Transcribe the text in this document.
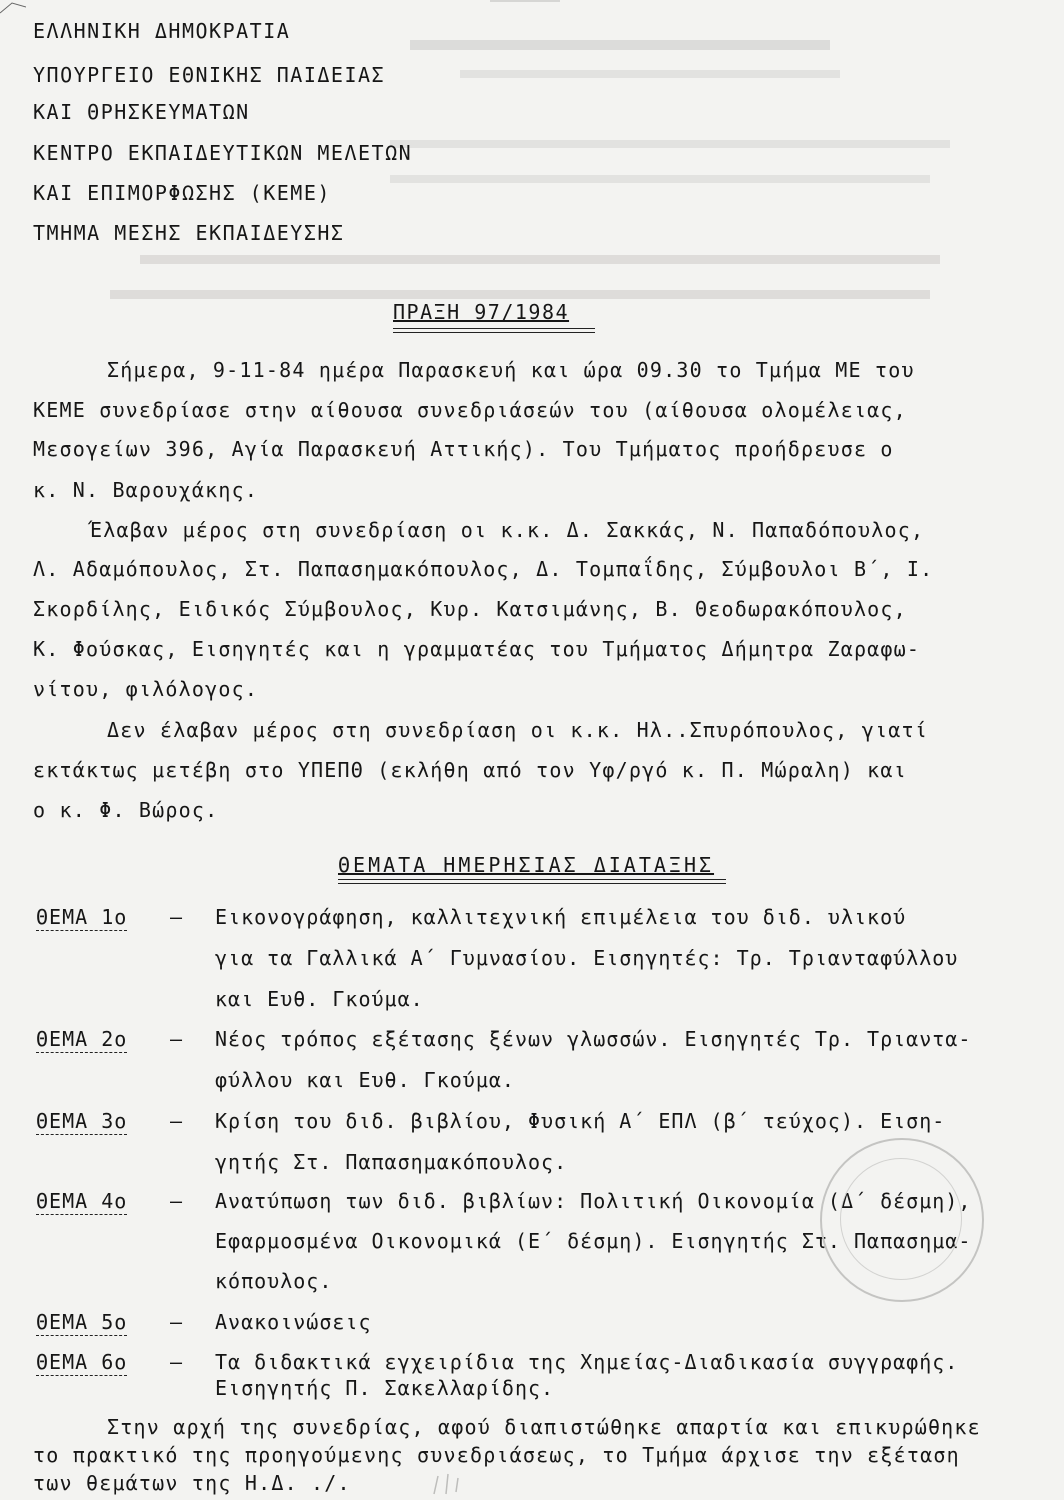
ΕΛΛΗΝΙΚΗ ΔΗΜΟΚΡΑΤΙΑ
ΥΠΟΥΡΓΕΙΟ ΕΘΝΙΚΗΣ ΠΑΙΔΕΙΑΣ
ΚΑΙ ΘΡΗΣΚΕΥΜΑΤΩΝ
ΚΕΝΤΡΟ ΕΚΠΑΙΔΕΥΤΙΚΩΝ ΜΕΛΕΤΩΝ
ΚΑΙ ΕΠΙΜΟΡΦΩΣΗΣ (ΚΕΜΕ)
ΤΜΗΜΑ ΜΕΣΗΣ ΕΚΠΑΙΔΕΥΣΗΣ
ΠΡΑΞΗ 97/1984
Σήμερα, 9-11-84 ημέρα Παρασκευή και ώρα 09.30 το Τμήμα ΜΕ του
ΚΕΜΕ συνεδρίασε στην αίθουσα συνεδριάσεών του (αίθουσα ολομέλειας,
Μεσογείων 396, Αγία Παρασκευή Αττικής). Του Τμήματος προήδρευσε ο
κ. Ν. Βαρουχάκης.
Έλαβαν μέρος στη συνεδρίαση οι κ.κ. Δ. Σακκάς, Ν. Παπαδόπουλος,
Λ. Αδαμόπουλος, Στ. Παπασημακόπουλος, Δ. Τομπαΐδης, Σύμβουλοι Β΄, Ι.
Σκορδίλης, Ειδικός Σύμβουλος, Κυρ. Κατσιμάνης, Β. Θεοδωρακόπουλος,
Κ. Φούσκας, Εισηγητές και η γραμματέας του Τμήματος Δήμητρα Ζαραφω-
νίτου, φιλόλογος.
Δεν έλαβαν μέρος στη συνεδρίαση οι κ.κ. Ηλ..Σπυρόπουλος, γιατί
εκτάκτως μετέβη στο ΥΠΕΠΘ (εκλήθη από τον Υφ/ργό κ. Π. Μώραλη) και
ο κ. Φ. Βώρος.
ΘΕΜΑΤΑ ΗΜΕΡΗΣΙΑΣ ΔΙΑΤΑΞΗΣ
ΘΕΜΑ 1ο – Εικονογράφηση, καλλιτεχνική επιμέλεια του διδ. υλικού
για τα Γαλλικά Α΄ Γυμνασίου. Εισηγητές: Τρ. Τριανταφύλλου
και Ευθ. Γκούμα.
ΘΕΜΑ 2ο – Νέος τρόπος εξέτασης ξένων γλωσσών. Εισηγητές Τρ. Τριαντα-
φύλλου και Ευθ. Γκούμα.
ΘΕΜΑ 3ο – Κρίση του διδ. βιβλίου, Φυσική Α΄ ΕΠΛ (β΄ τεύχος). Ειση-
γητής Στ. Παπασημακόπουλος.
ΘΕΜΑ 4ο – Ανατύπωση των διδ. βιβλίων: Πολιτική Οικονομία (Δ΄ δέσμη),
Εφαρμοσμένα Οικονομικά (Ε΄ δέσμη). Εισηγητής Στ. Παπασημα-
κόπουλος.
ΘΕΜΑ 5ο – Ανακοινώσεις
ΘΕΜΑ 6ο – Τα διδακτικά εγχειρίδια της Χημείας-Διαδικασία συγγραφής.
Εισηγητής Π. Σακελλαρίδης.
Στην αρχή της συνεδρίας, αφού διαπιστώθηκε απαρτία και επικυρώθηκε
το πρακτικό της προηγούμενης συνεδριάσεως, το Τμήμα άρχισε την εξέταση
των θεμάτων της Η.Δ. ./.
